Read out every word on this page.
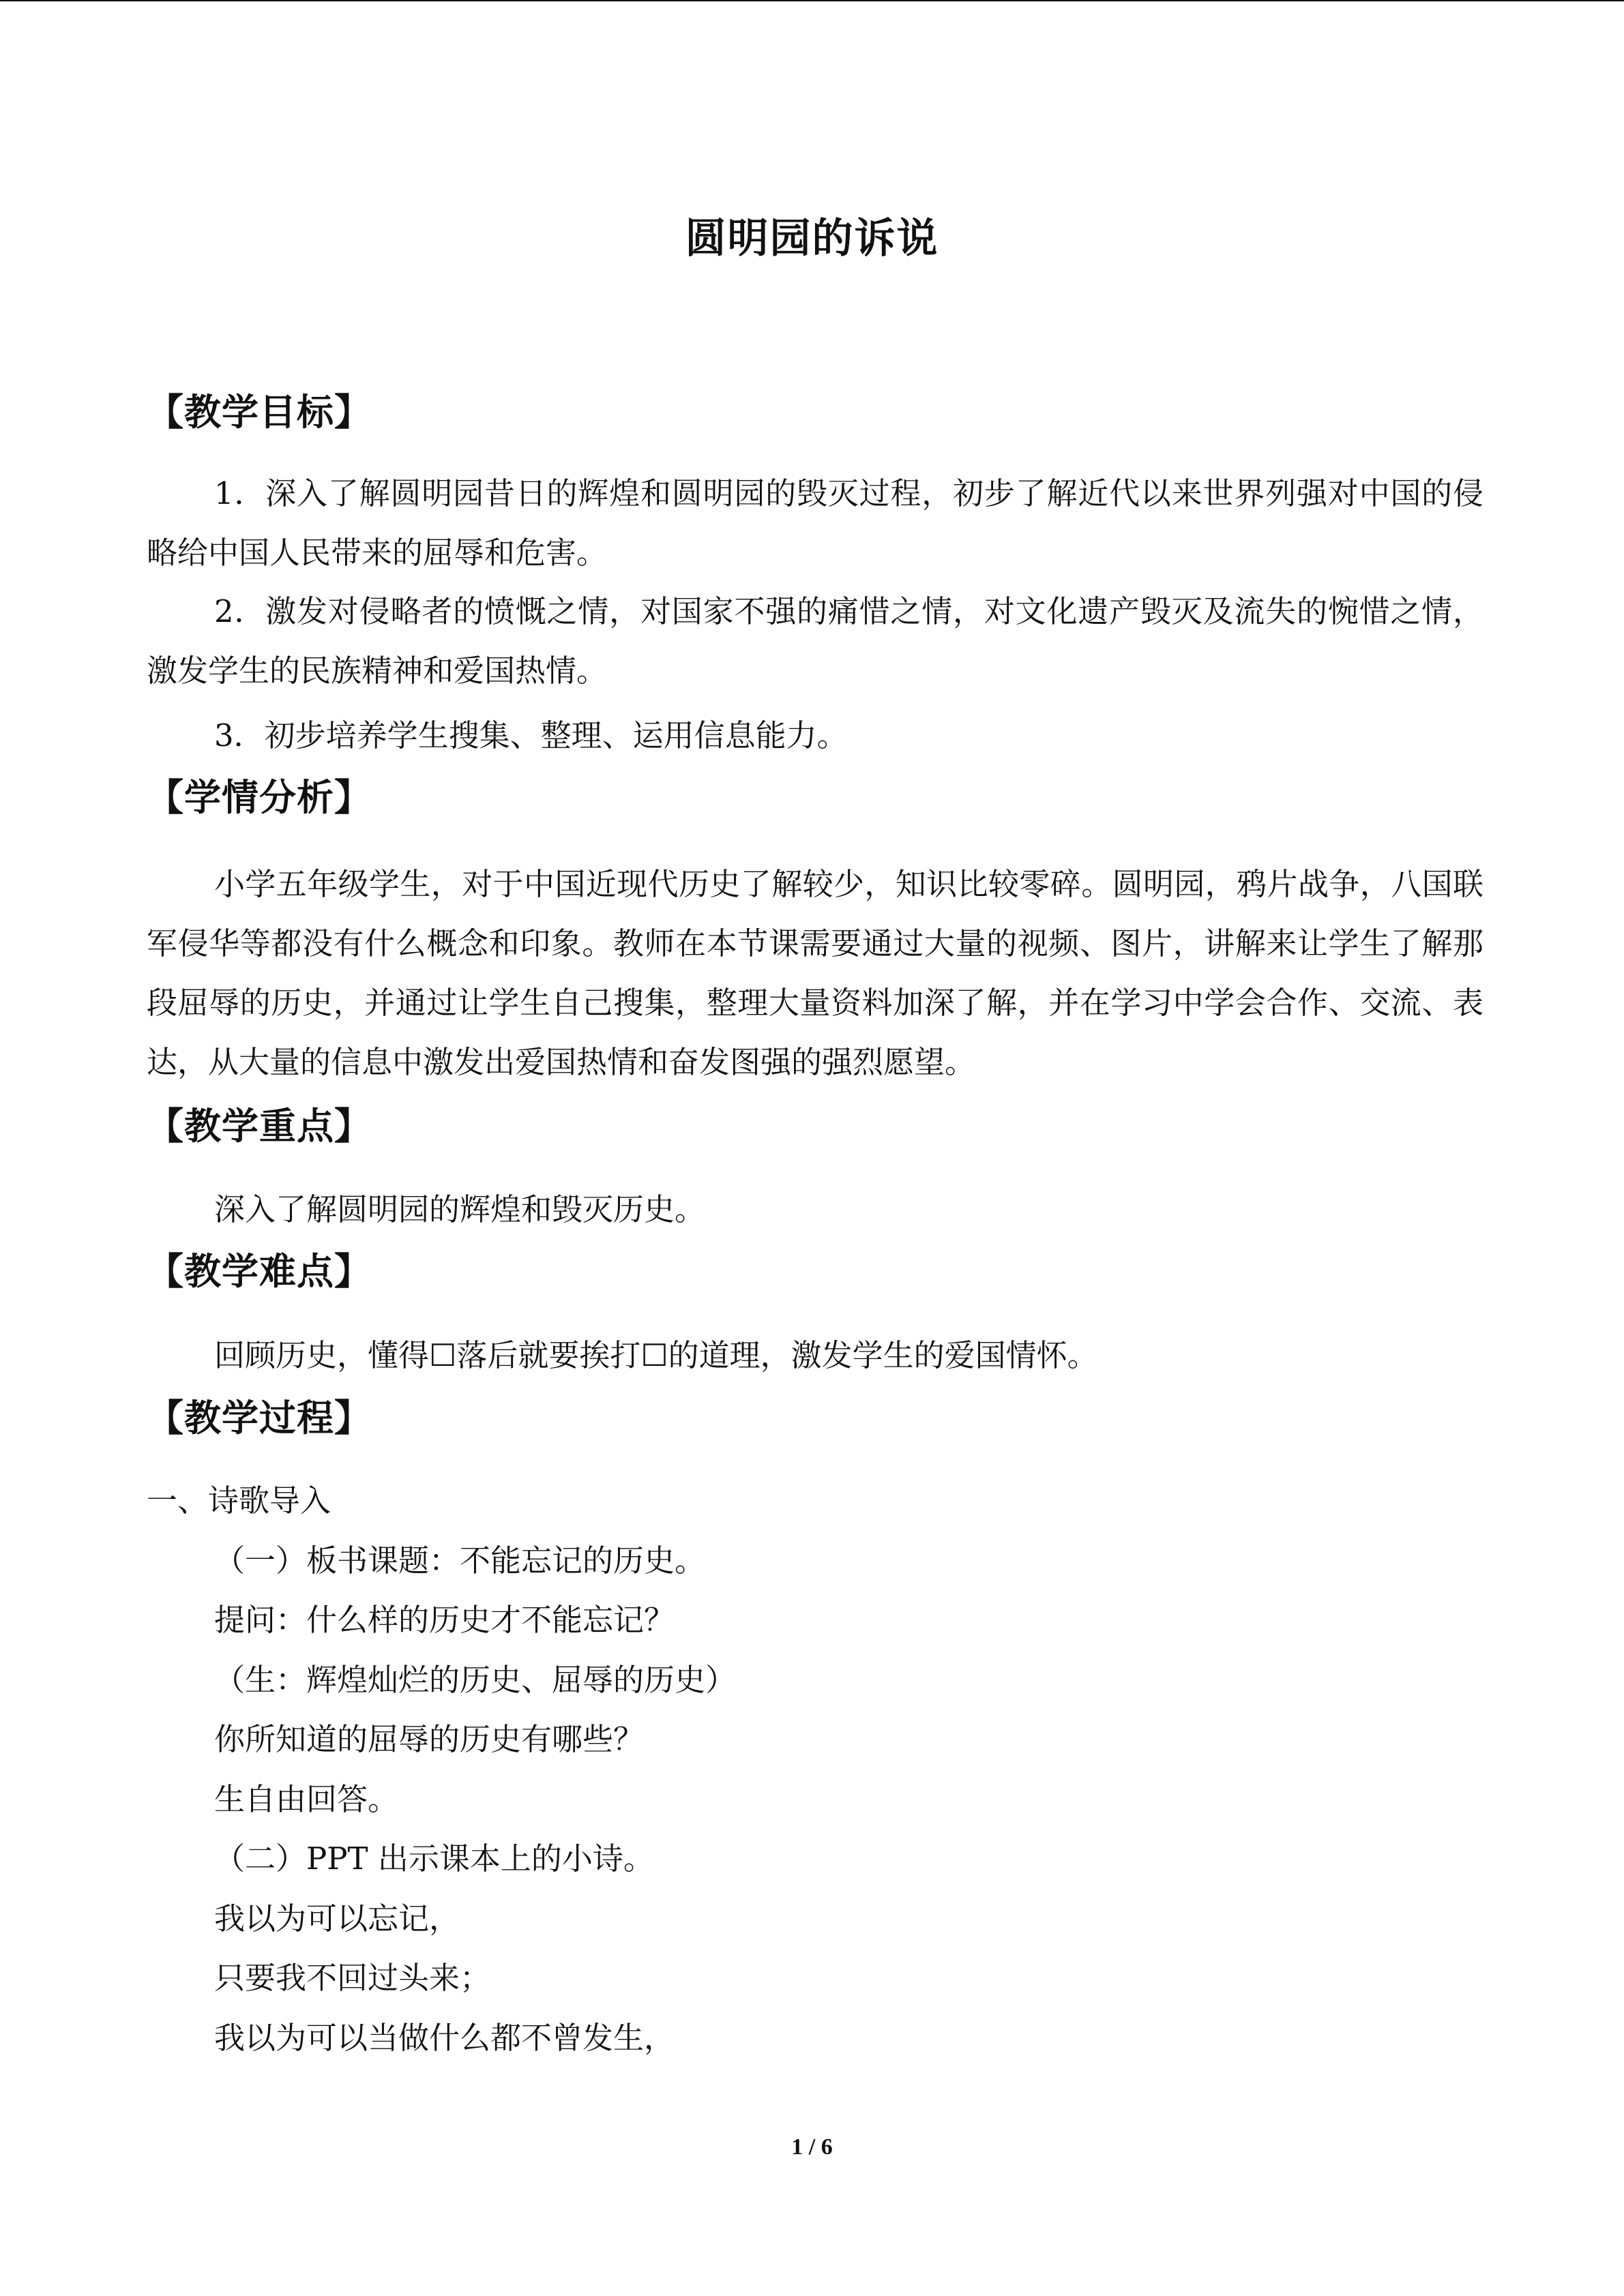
圆明园的诉说
【教学目标】
1．深入了解圆明园昔日的辉煌和圆明园的毁灭过程，初步了解近代以来世界列强对中国的侵略给中国人民带来的屈辱和危害。
2．激发对侵略者的愤慨之情，对国家不强的痛惜之情，对文化遗产毁灭及流失的惋惜之情，激发学生的民族精神和爱国热情。
3．初步培养学生搜集、整理、运用信息能力。
【学情分析】
小学五年级学生，对于中国近现代历史了解较少，知识比较零碎。圆明园，鸦片战争，八国联军侵华等都没有什么概念和印象。教师在本节课需要通过大量的视频、图片，讲解来让学生了解那段屈辱的历史，并通过让学生自己搜集，整理大量资料加深了解，并在学习中学会合作、交流、表达，从大量的信息中激发出爱国热情和奋发图强的强烈愿望。
【教学重点】
深入了解圆明园的辉煌和毁灭历史。
【教学难点】
回顾历史，懂得☐落后就要挨打☐的道理，激发学生的爱国情怀。
【教学过程】
一、诗歌导入
（一）板书课题：不能忘记的历史。
提问：什么样的历史才不能忘记？
（生：辉煌灿烂的历史、屈辱的历史）
你所知道的屈辱的历史有哪些？
生自由回答。
（二）PPT 出示课本上的小诗。
我以为可以忘记，
只要我不回过头来；
我以为可以当做什么都不曾发生，
1 / 6
